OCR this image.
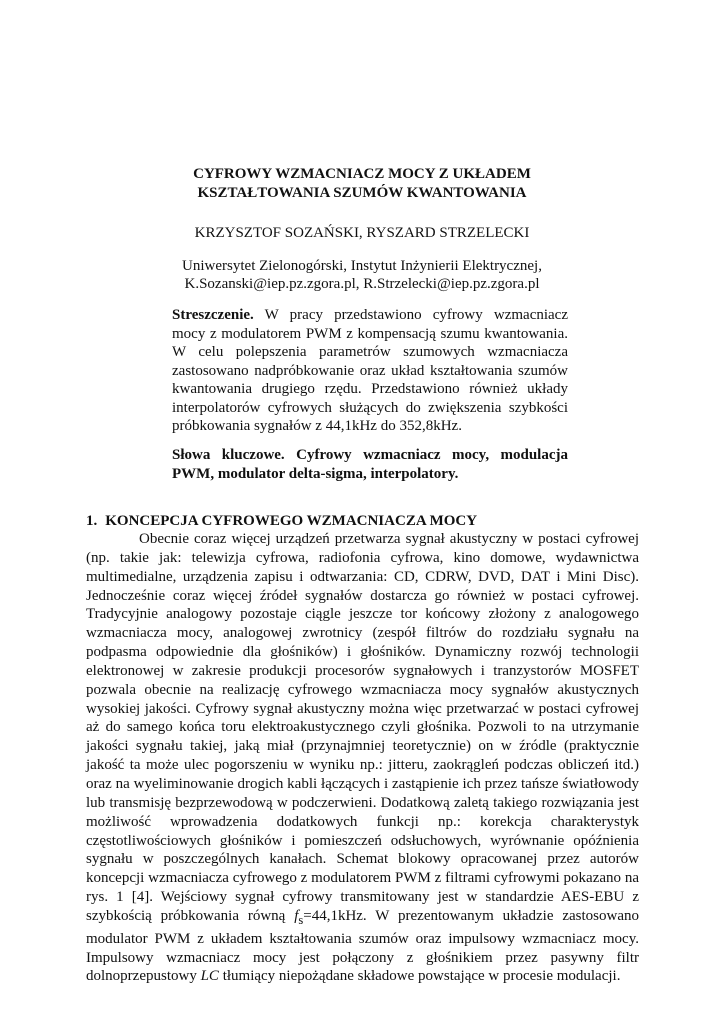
CYFROWY WZMACNIACZ MOCY Z UKŁADEM
KSZTAŁTOWANIA SZUMÓW KWANTOWANIA
KRZYSZTOF SOZAŃSKI, RYSZARD STRZELECKI
Uniwersytet Zielonogórski, Instytut Inżynierii Elektrycznej,
K.Sozanski@iep.pz.zgora.pl, R.Strzelecki@iep.pz.zgora.pl

Streszczenie. W pracy przedstawiono cyfrowy wzmacniacz mocy z modulatorem PWM z kompensacją szumu kwantowania. W celu polepszenia parametrów szumowych wzmacniacza zastosowano nadpróbkowanie oraz układ kształtowania szumów kwantowania drugiego rzędu. Przedstawiono również układy interpolatorów cyfrowych służących do zwiększenia szybkości próbkowania sygnałów z 44,1kHz do 352,8kHz.

Słowa kluczowe. Cyfrowy wzmacniacz mocy, modulacja PWM, modulator delta-sigma, interpolatory.

1. KONCEPCJA CYFROWEGO WZMACNIACZA MOCY

Obecnie coraz więcej urządzeń przetwarza sygnał akustyczny w postaci cyfrowej (np. takie jak: telewizja cyfrowa, radiofonia cyfrowa, kino domowe, wydawnictwa multimedialne, urządzenia zapisu i odtwarzania: CD, CDRW, DVD, DAT i Mini Disc). Jednocześnie coraz więcej źródeł sygnałów dostarcza go również w postaci cyfrowej. Tradycyjnie analogowy pozostaje ciągle jeszcze tor końcowy złożony z analogowego wzmacniacza mocy, analogowej zwrotnicy (zespół filtrów do rozdziału sygnału na podpasma odpowiednie dla głośników) i głośników. Dynamiczny rozwój technologii elektronowej w zakresie produkcji procesorów sygnałowych i tranzystorów MOSFET pozwala obecnie na realizację cyfrowego wzmacniacza mocy sygnałów akustycznych wysokiej jakości. Cyfrowy sygnał akustyczny można więc przetwarzać w postaci cyfrowej aż do samego końca toru elektroakustycznego czyli głośnika. Pozwoli to na utrzymanie jakości sygnału takiej, jaką miał (przynajmniej teoretycznie) on w źródle (praktycznie jakość ta może ulec pogorszeniu w wyniku np.: jitteru, zaokrągleń podczas obliczeń itd.) oraz na wyeliminowanie drogich kabli łączących i zastąpienie ich przez tańsze światłowody lub transmisję bezprzewodową w podczerwieni. Dodatkową zaletą takiego rozwiązania jest możliwość wprowadzenia dodatkowych funkcji np.: korekcja charakterystyk częstotliwościowych głośników i pomieszczeń odsłuchowych, wyrównanie opóźnienia sygnału w poszczególnych kanałach. Schemat blokowy opracowanej przez autorów koncepcji wzmacniacza cyfrowego z modulatorem PWM z filtrami cyfrowymi pokazano na rys. 1 [4]. Wejściowy sygnał cyfrowy transmitowany jest w standardzie AES-EBU z szybkością próbkowania równą $f_s=44,1kHz$. W prezentowanym układzie zastosowano modulator PWM z układem kształtowania szumów oraz impulsowy wzmacniacz mocy. Impulsowy wzmacniacz mocy jest połączony z głośnikiem przez pasywny filtr dolnoprzepustowy LC tłumiący niepożądane składowe powstające w procesie modulacji.
